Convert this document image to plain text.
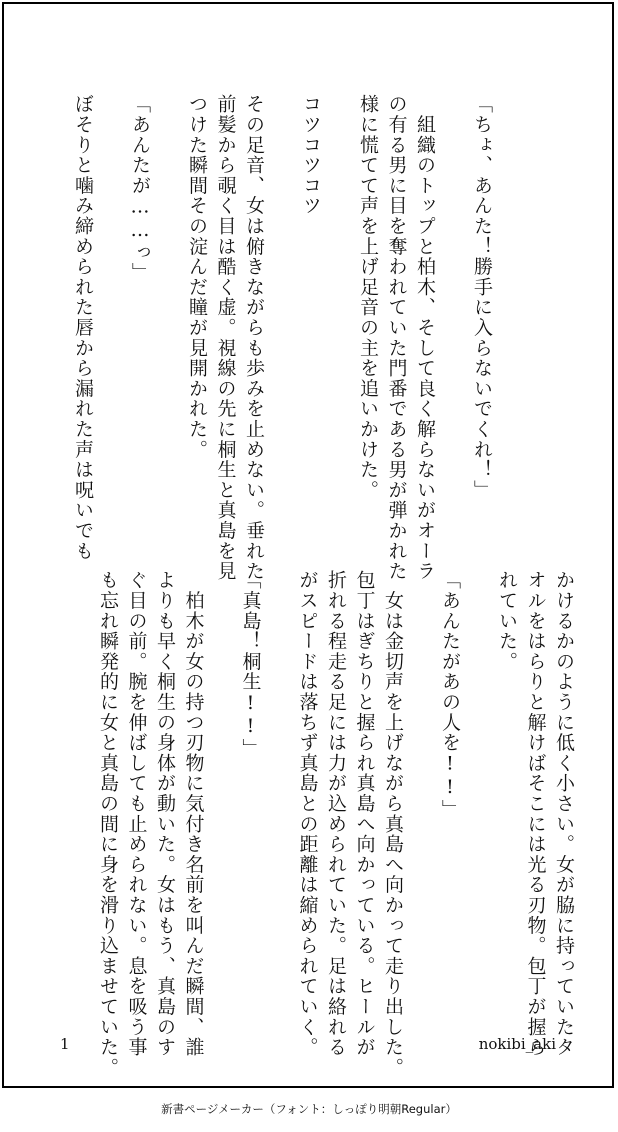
「ちょ、あんた！勝手に入らないでくれ！」

　組織のトップと柏木、そして良く解らないがオーラ
の有る男に目を奪われていた門番である男が弾かれた
様に慌てて声を上げ足音の主を追いかけた。

コツコツコツ

その足音、女は俯きながらも歩みを止めない。垂れた
前髪から覗く目は酷く虚。視線の先に桐生と真島を見
つけた瞬間その淀んだ瞳が見開かれた。

「あんたが……っ」

ぼそりと噛み締められた唇から漏れた声は呪いでも
かけるかのように低く小さい。女が脇に持っていたタ
オルをはらりと解けばそこには光る刃物。包丁が握ら
れていた。

「あんたがあの人を!!」

　女は金切声を上げながら真島へ向かって走り出した。
包丁はぎちりと握られ真島へ向かっている。ヒールが
折れる程走る足には力が込められていた。足は絡れる
がスピードは落ちず真島との距離は縮められていく。

「真島！桐生!!」

　柏木が女の持つ刃物に気付き名前を叫んだ瞬間、誰
よりも早く桐生の身体が動いた。女はもう、真島のす
ぐ目の前。腕を伸ばしても止められない。息を吸う事
も忘れ瞬発的に女と真島の間に身を滑り込ませていた。
1	nokibi_aki
新書ページメーカー（フォント：しっぽり明朝Regular）
